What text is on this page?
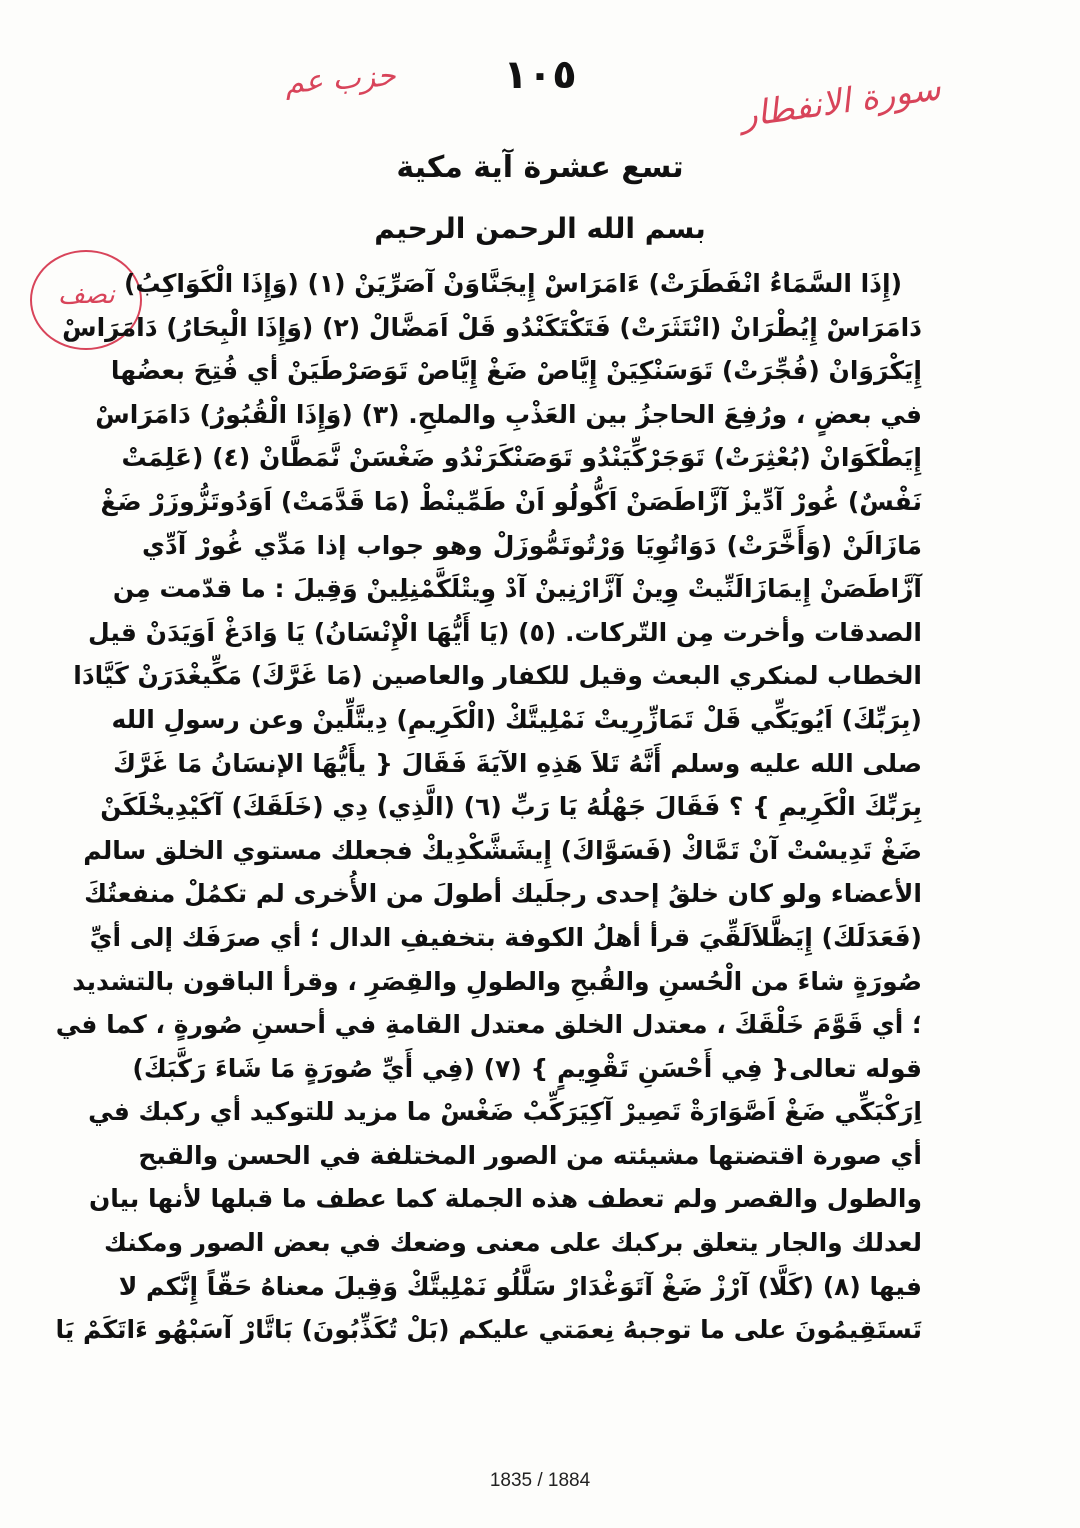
سورة الانفطار
١٠٥
حزب عم
تسع عشرة آية مكية
بسم الله الرحمن الرحيم
نصف (إِذَا السَّمَاءُ انْفَطَرَتْ) ءَامَرَاسْ إِيجَنَّاوَنْ آصَرِّيَنْ (١) (وَإِذَا الْكَوَاكِبُ)
دَامَرَاسْ إِيُطْرَانْ (انْتَثَرَتْ) فَتَكْتَكَنْدُو قَلْ اَمَضَّالْ (٢) (وَإِذَا الْبِحَارُ) دَامَرَاسْ
إِيَكْرَوَانْ (فُجِّرَتْ) تَوَسَنْكِيَنْ إِيَّاصْ ضَغْ إِيَّاصْ تَوَصَرْطَيَنْ أي فُتِحَ بعضُها
في بعضٍ ، ورُفِعَ الحاجزُ بين العَذْبِ والملحِ. (٣) (وَإِذَا الْقُبُورُ) دَامَرَاسْ
إِيَطْكَوَانْ (بُعْثِرَتْ) تَوَجَرْكِّيَنْدُو تَوَصَنْكَرَنْدُو ضَغْسَنْ نَّمَطَّانْ (٤) (عَلِمَتْ
نَفْسٌ) غُورْ آدِّيزْ آزَّاطَصَنْ اَكُّولُو اَنْ طَمِّينْطْ (مَا قَدَّمَتْ) اَوَدُوتَزُّوزَرْ ضَغْ
مَازَالَنْ (وَأَخَّرَتْ) دَوَاتُوِيَا وَرْتُوتَمُّوزَلْ وهو جواب إذا مَدِّي غُورْ آدِّي
آزَّاطَصَنْ إِيمَازَالَنِّيتْ وِينْ آزَّارْنِينْ آدْ وِيتْلَكَّمْنِلِينْ وَقِيلَ : ما قدّمت مِن
الصدقات وأخرت مِن التّركات. (٥) (يَا أَيُّهَا الْإِنْسَانُ) يَا وَادَغْ اَوَيَدَنْ قيل
الخطاب لمنكري البعث وقيل للكفار والعاصين (مَا غَرَّكَ) مَكِّيغْدَرَنْ كَيَّادَا
(بِرَبِّكَ) اَيُويَكِّي قَلْ تَمَازِّرِيتْ نَمْلِيتَّكْ (الْكَرِيمِ) دِيتَّلِّينْ وعن رسولِ الله
صلى الله عليه وسلم أَنَّهُ تَلاَ هَذِهِ الآيَةَ فَقَالَ { يأَيُّهَا الإنسَانُ مَا غَرَّكَ
بِرَبِّكَ الْكَرِيمِ } ؟ فَقَالَ جَهْلُهُ يَا رَبِّ (٦) (الَّذِي) دِي (خَلَقَكَ) آكَيْدِيخْلَكَنْ
ضَغْ تَدِيسْتْ آنْ تَمَّاكْ (فَسَوَّاكَ) إِيشَشَّكْدِيكْ فجعلك مستوي الخلق سالم
الأعضاء ولو كان خلقُ إحدى رجلَيك أطولَ من الأُخرى لم تكمُلْ منفعتُكَ
(فَعَدَلَكَ) إِيَظَّلاَلَقِّيَ قرأ أهلُ الكوفة بتخفيفِ الدال ؛ أي صرَفَك إلى أيِّ
صُورَةٍ شاءَ من الْحُسنِ والقُبحِ والطولِ والقِصَرِ ، وقرأ الباقون بالتشديد
؛ أي قَوَّمَ خَلْقَكَ ، معتدل الخلق معتدل القامةِ في أحسنِ صُورةٍ ، كما في
قوله تعالى{ فِي أَحْسَنِ تَقْوِيمٍ } (٧) (فِي أَيِّ صُورَةٍ مَا شَاءَ رَكَّبَكَ)
اِرَكْبَكِّي ضَغْ اَصَّوَارَةْ تَصِيرْ آكِيَرَكِّبْ ضَغْسْ ما مزيد للتوكيد أي ركبك في
أي صورة اقتضتها مشيئته من الصور المختلفة في الحسن والقبح
والطول والقصر ولم تعطف هذه الجملة كما عطف ما قبلها لأنها بيان
لعدلك والجار يتعلق بركبك على معنى وضعك في بعض الصور ومكنك
فيها (٨) (كَلَّا) آرْزْ ضَغْ آتَوَغْدَارْ سَلَّلُو نَمْلِيتَّكْ وَقِيلَ معناهُ حَقّاً إِنَّكم لا
تَستَقِيمُونَ على ما توجبهُ نِعمَتي عليكم (بَلْ تُكَذِّبُونَ) بَاتَّارْ آسَبْهُو ءَاتَكَمْ يَا
1835 / 1884
